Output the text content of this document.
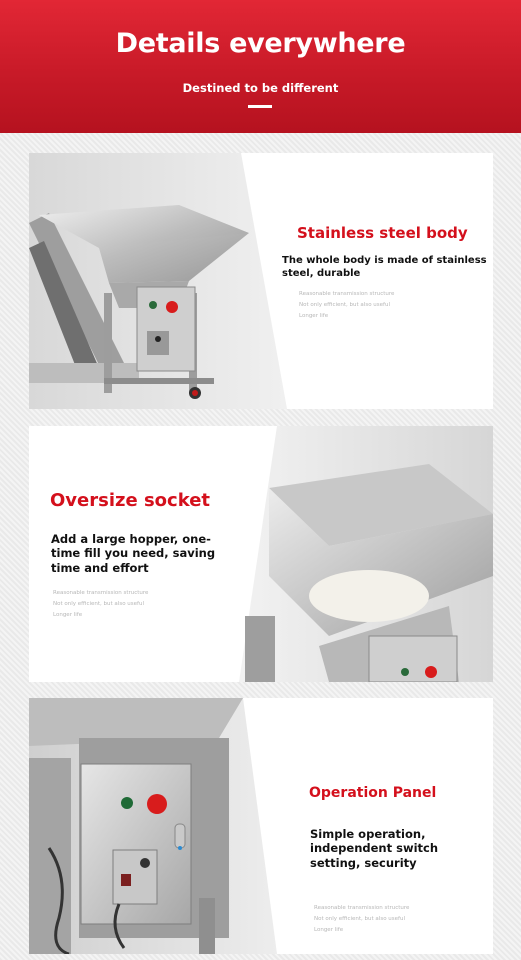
Details everywhere
Destined to be different
Stainless steel body
The whole body is made of stainless steel, durable
Reasonable transmission structure
Not only efficient, but also useful
Longer life
Oversize socket
Add a large hopper, one-time fill you need, saving time and effort
Reasonable transmission structure
Not only efficient, but also useful
Longer life
Operation Panel
Simple operation, independent switch setting, security
Reasonable transmission structure
Not only efficient, but also useful
Longer life
